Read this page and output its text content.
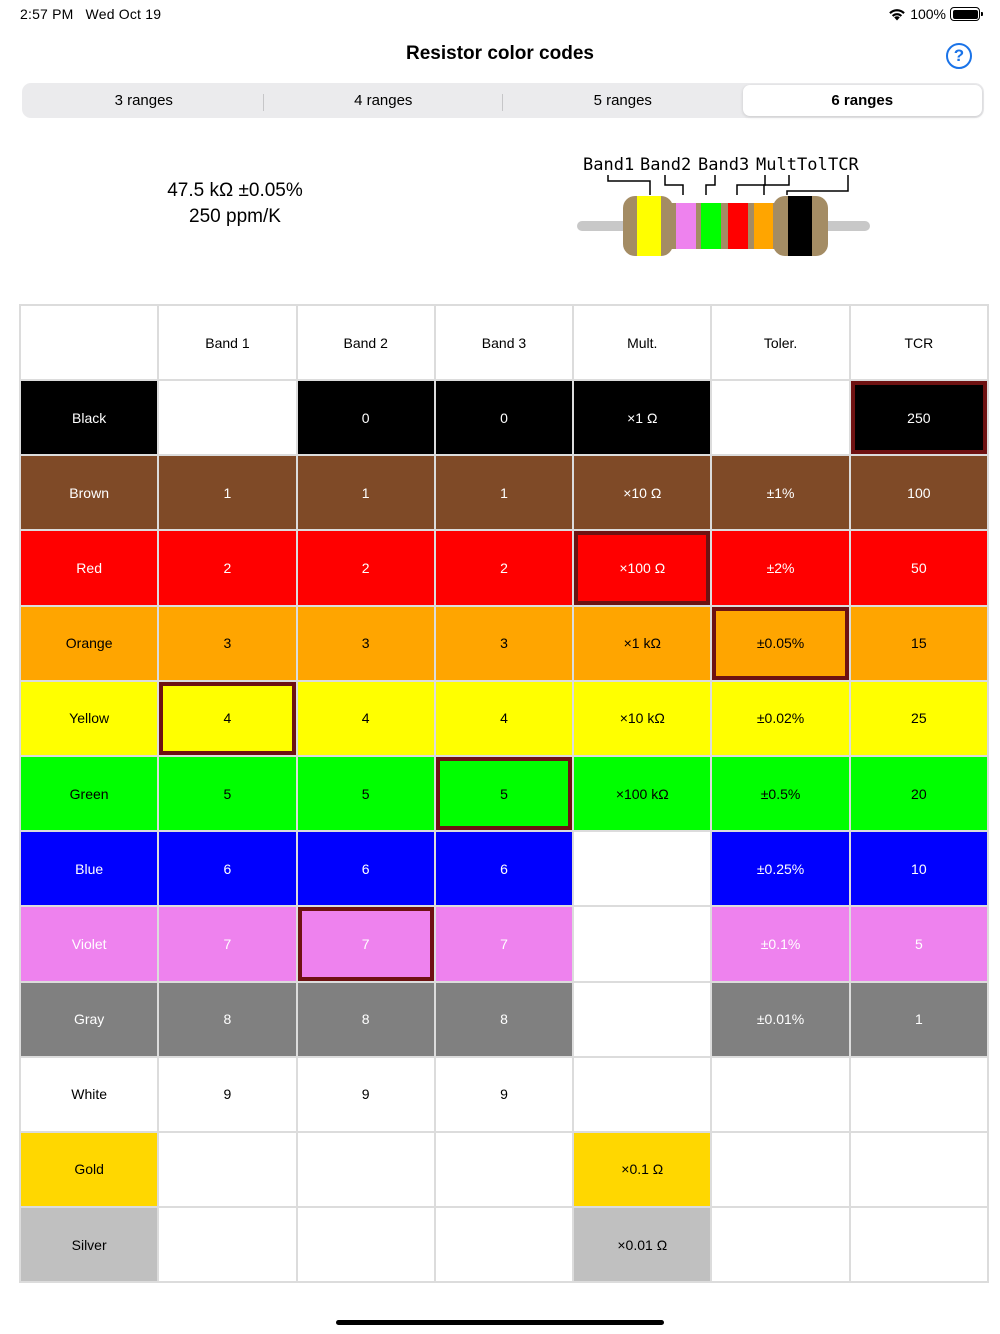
2:57 PM Wed Oct 19	100%
Resistor color codes	?
3 ranges	4 ranges	5 ranges	6 ranges
47.5 kΩ ±0.05%
250 ppm/K
Band1 Band2 Band3 Mult Tol TCR
	Band 1	Band 2	Band 3	Mult.	Toler.	TCR
Black		0	0	×1 Ω		250
Brown	1	1	1	×10 Ω	±1%	100
Red	2	2	2	×100 Ω	±2%	50
Orange	3	3	3	×1 kΩ	±0.05%	15
Yellow	4	4	4	×10 kΩ	±0.02%	25
Green	5	5	5	×100 kΩ	±0.5%	20
Blue	6	6	6		±0.25%	10
Violet	7	7	7		±0.1%	5
Gray	8	8	8		±0.01%	1
White	9	9	9			
Gold				×0.1 Ω		
Silver				×0.01 Ω		
